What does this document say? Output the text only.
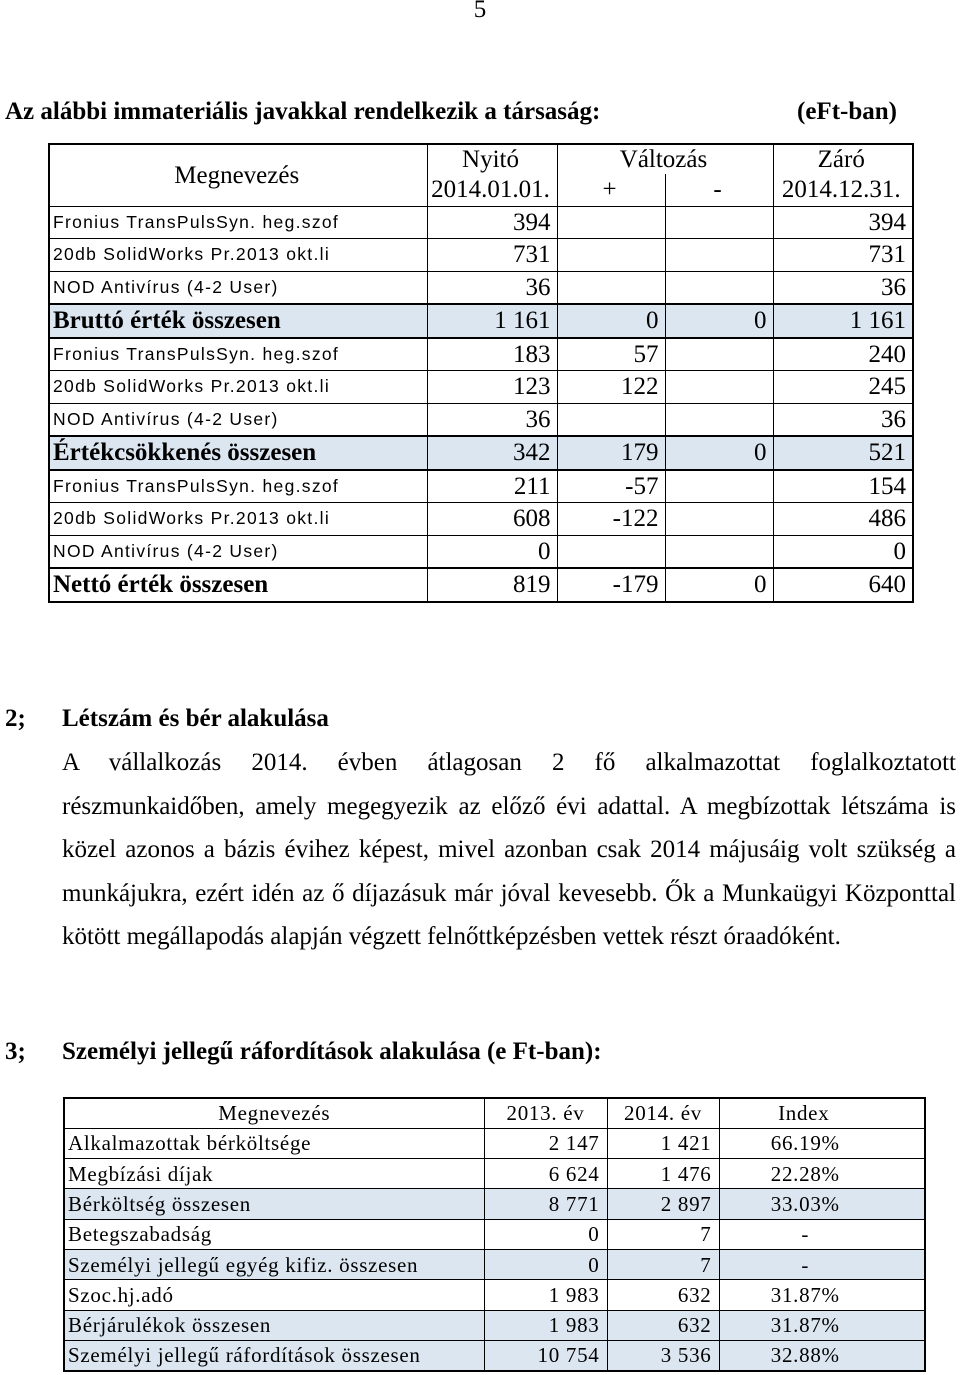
5
Az alábbi immateriális javakkal rendelkezik a társaság:	(eFt-ban)
Megnevezés	Nyitó	Változás		Záró
	2014.01.01.	+	-	2014.12.31.
Fronius TransPulsSyn. heg.szof	394			394
20db SolidWorks Pr.2013 okt.li	731			731
NOD Antivírus (4-2 User)	36			36
Bruttó érték összesen	1 161	0	0	1 161
Fronius TransPulsSyn. heg.szof	183	57		240
20db SolidWorks Pr.2013 okt.li	123	122		245
NOD Antivírus (4-2 User)	36			36
Értékcsökkenés összesen	342	179	0	521
Fronius TransPulsSyn. heg.szof	211	-57		154
20db SolidWorks Pr.2013 okt.li	608	-122		486
NOD Antivírus (4-2 User)	0			0
Nettó érték összesen	819	-179	0	640
2; Létszám és bér alakulása
A vállalkozás 2014. évben átlagosan 2 fő alkalmazottat foglalkoztatott
részmunkaidőben, amely megegyezik az előző évi adattal. A megbízottak létszáma is
közel azonos a bázis évihez képest, mivel azonban csak 2014 májusáig volt szükség a
munkájukra, ezért idén az ő díjazásuk már jóval kevesebb. Ők a Munkaügyi Központtal
kötött megállapodás alapján végzett felnőttképzésben vettek részt óraadóként.
3; Személyi jellegű ráfordítások alakulása (e Ft-ban):
Megnevezés	2013. év	2014. év	Index
Alkalmazottak bérköltsége	2 147	1 421	66.19%
Megbízási díjak	6 624	1 476	22.28%
Bérköltség összesen	8 771	2 897	33.03%
Betegszabadság	0	7	-
Személyi jellegű egyég kifiz. összesen	0	7	-
Szoc.hj.adó	1 983	632	31.87%
Bérjárulékok összesen	1 983	632	31.87%
Személyi jellegű ráfordítások összesen	10 754	3 536	32.88%
